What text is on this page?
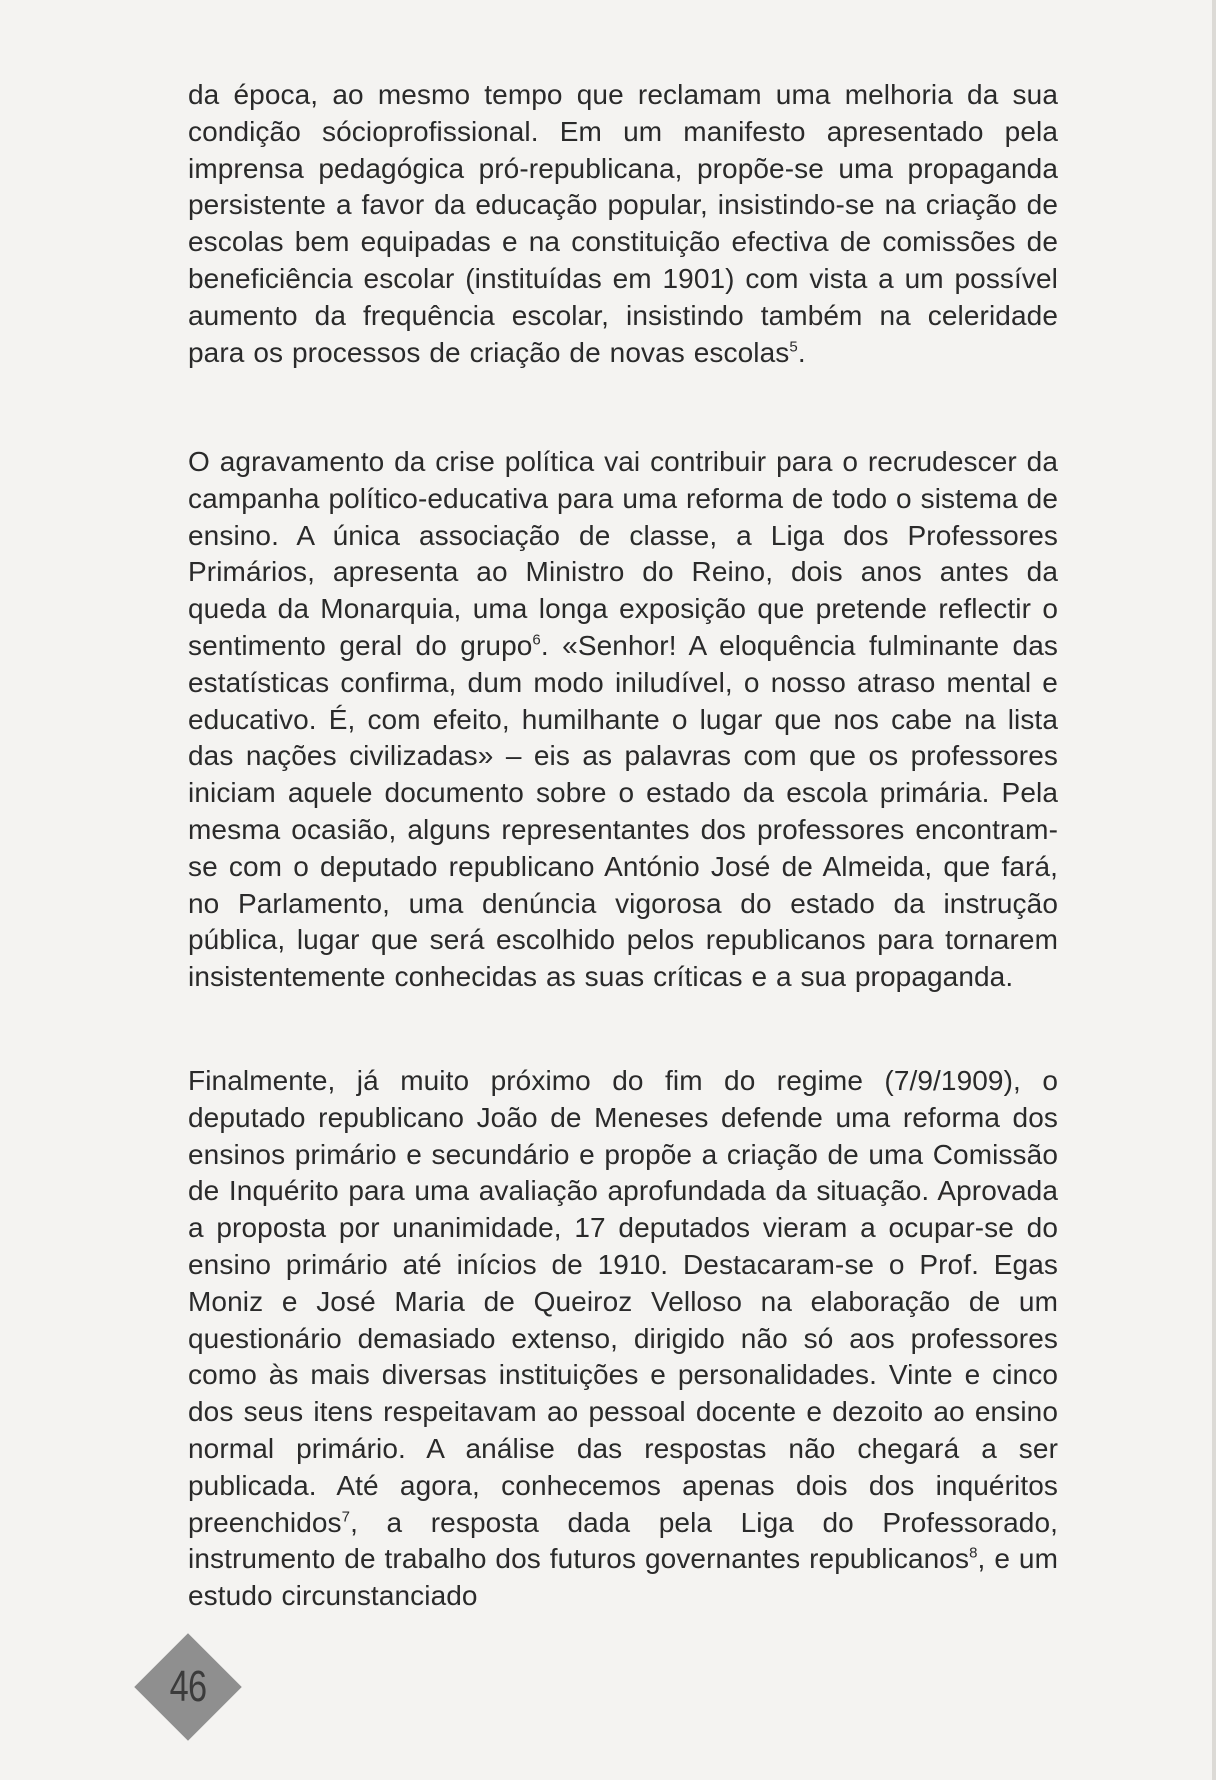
da época, ao mesmo tempo que reclamam uma melhoria da sua condição sócioprofissional. Em um manifesto apresentado pela imprensa pedagógica pró-republicana, propõe-se uma propaganda persistente a favor da educação popular, insistindo-se na criação de escolas bem equipadas e na constituição efectiva de comissões de beneficiência escolar (instituídas em 1901) com vista a um possível aumento da frequência escolar, insistindo também na celeridade para os processos de criação de novas escolas$^5$.

O agravamento da crise política vai contribuir para o recrudescer da campanha político-educativa para uma reforma de todo o sistema de ensino. A única associação de classe, a Liga dos Professores Primários, apresenta ao Ministro do Reino, dois anos antes da queda da Monarquia, uma longa exposição que pretende reflectir o sentimento geral do grupo$^6$. «Senhor! A eloquência fulminante das estatísticas confirma, dum modo iniludível, o nosso atraso mental e educativo. É, com efeito, humilhante o lugar que nos cabe na lista das nações civilizadas» – eis as palavras com que os professores iniciam aquele documento sobre o estado da escola primária. Pela mesma ocasião, alguns representantes dos professores encontram-se com o deputado republicano António José de Almeida, que fará, no Parlamento, uma denúncia vigorosa do estado da instrução pública, lugar que será escolhido pelos republicanos para tornarem insistentemente conhecidas as suas críticas e a sua propaganda.

Finalmente, já muito próximo do fim do regime (7/9/1909), o deputado republicano João de Meneses defende uma reforma dos ensinos primário e secundário e propõe a criação de uma Comissão de Inquérito para uma avaliação aprofundada da situação. Aprovada a proposta por unanimidade, 17 deputados vieram a ocupar-se do ensino primário até inícios de 1910. Destacaram-se o Prof. Egas Moniz e José Maria de Queiroz Velloso na elaboração de um questionário demasiado extenso, dirigido não só aos professores como às mais diversas instituições e personalidades. Vinte e cinco dos seus itens respeitavam ao pessoal docente e dezoito ao ensino normal primário. A análise das respostas não chegará a ser publicada. Até agora, conhecemos apenas dois dos inquéritos preenchidos$^7$, a resposta dada pela Liga do Professorado, instrumento de trabalho dos futuros governantes republicanos$^8$, e um estudo circunstanciado

46
